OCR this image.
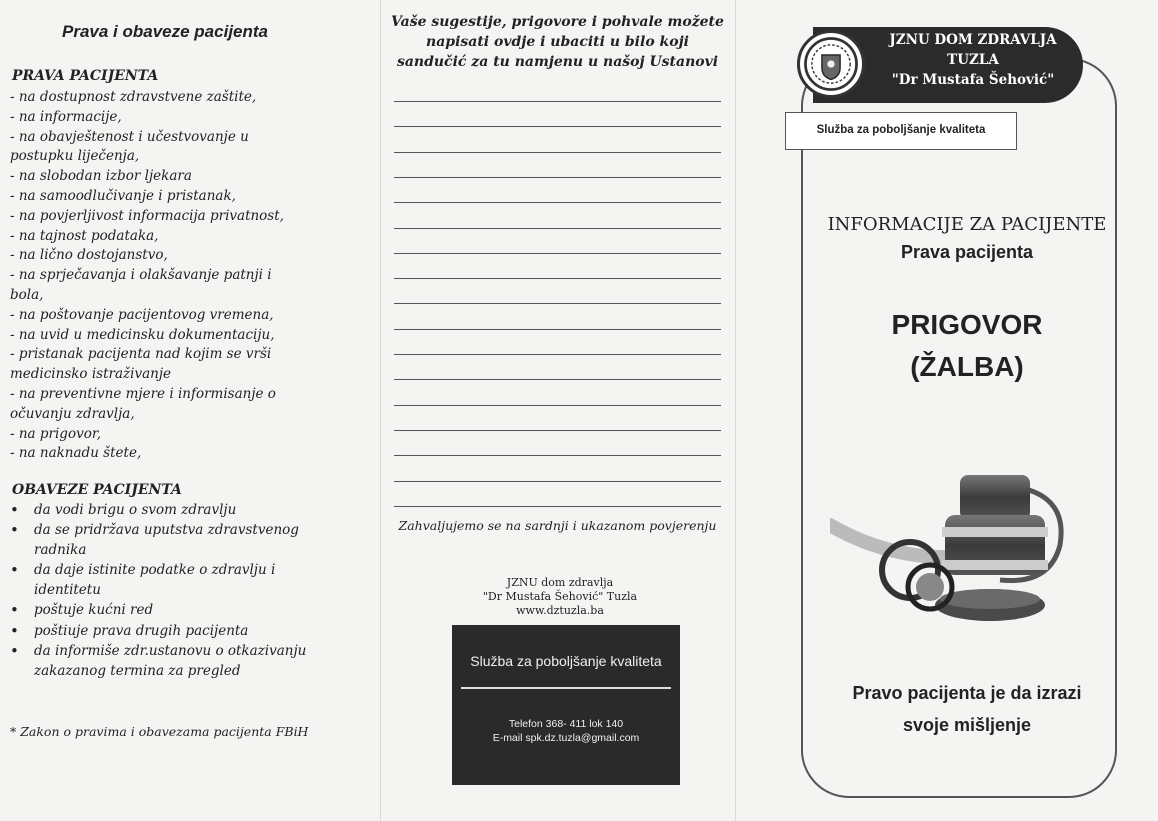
Prava i obaveze pacijenta
PRAVA PACIJENTA
- na dostupnost zdravstvene zaštite,
- na informacije,
- na obavještenost i učestvovanje u
postupku liječenja,
- na slobodan izbor ljekara
- na samoodlučivanje i pristanak,
- na povjerljivost informacija privatnost,
- na tajnost podataka,
- na lično dostojanstvo,
- na sprječavanja i olakšavanje patnji i
bola,
- na poštovanje pacijentovog vremena,
- na uvid u medicinsku dokumentaciju,
- pristanak pacijenta nad kojim se vrši
medicinsko istraživanje
- na preventivne mjere i informisanje o
očuvanju zdravlja,
- na prigovor,
- na naknadu štete,
OBAVEZE PACIJENTA
• da vodi brigu o svom zdravlju
• da se pridržava uputstva zdravstvenog radnika
• da daje istinite podatke o zdravlju i identitetu
• poštuje kućni red
• poštiuje prava drugih pacijenta
• da informiše zdr.ustanovu o otkazivanju zakazanog termina za pregled

* Zakon o pravima i obavezama pacijenta FBiH

Vaše sugestije, prigovore i pohvale možete napisati ovdje i ubaciti u bilo koji sandučić za tu namjenu u našoj Ustanovi

Zahvaljujemo se na sardnji i ukazanom povjerenju

JZNU dom zdravlja
"Dr Mustafa Šehović" Tuzla
www.dztuzla.ba
Služba za poboljšanje kvaliteta
Telefon 368- 411 lok 140
E-mail spk.dz.tuzla@gmail.com
JZNU DOM ZDRAVLJA
TUZLA
"Dr Mustafa Šehović"
Služba za poboljšanje kvaliteta
INFORMACIJE ZA PACIJENTE
Prava pacijenta
PRIGOVOR
(ŽALBA)
Pravo pacijenta je da izrazi
svoje mišljenje
